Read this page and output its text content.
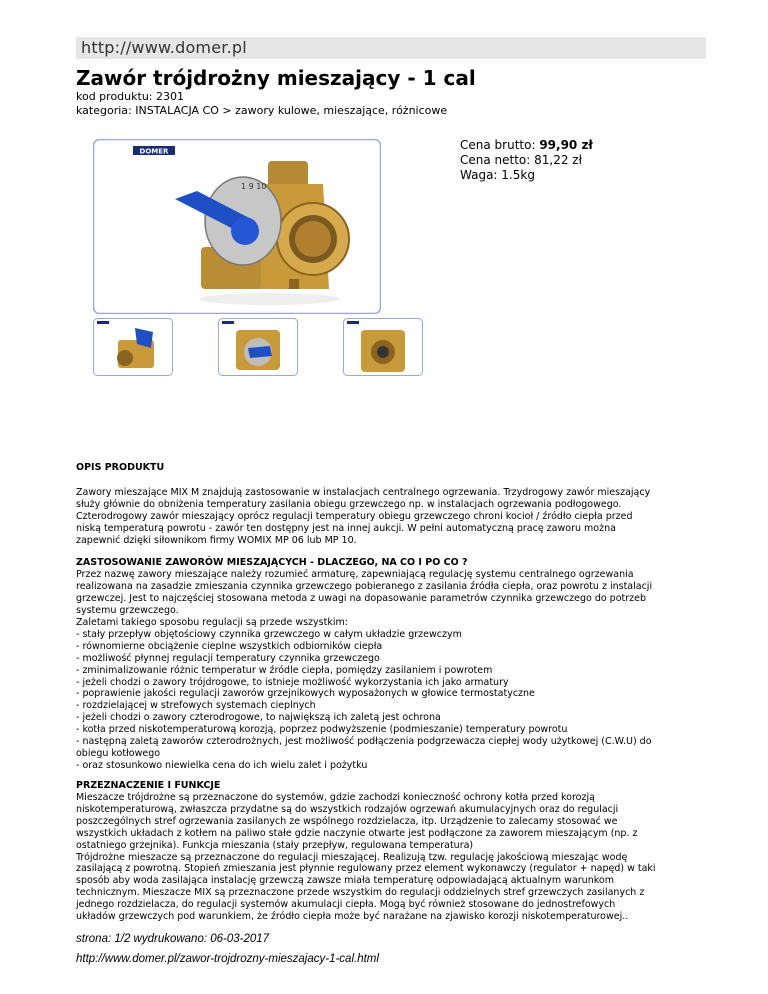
http://www.domer.pl
Zawór trójdrożny mieszający - 1 cal
kod produktu: 2301
kategoria: INSTALACJA CO > zawory kulowe, mieszające, różnicowe
DOMER
1 9 10
Cena brutto: 99,90 zł
Cena netto: 81,22 zł
Waga: 1.5kg
OPIS PRODUKTU
Zawory mieszające MIX M znajdują zastosowanie w instalacjach centralnego ogrzewania. Trzydrogowy zawór mieszający
służy głównie do obniżenia temperatury zasilania obiegu grzewczego np. w instalacjach ogrzewania podłogowego.
Czterodrogowy zawór mieszający oprócz regulacji temperatury obiegu grzewczego chroni kocioł / źródło ciepła przed
niską temperaturą powrotu - zawór ten dostępny jest na innej aukcji. W pełni automatyczną pracę zaworu można
zapewnić dzięki siłownikom firmy WOMIX MP 06 lub MP 10.
ZASTOSOWANIE ZAWORÓW MIESZAJĄCYCH - DLACZEGO, NA CO I PO CO ?
Przez nazwę zawory mieszające należy rozumieć armaturę, zapewniającą regulację systemu centralnego ogrzewania
realizowana na zasadzie zmieszania czynnika grzewczego pobieranego z zasilania źródła ciepła, oraz powrotu z instalacji
grzewczej. Jest to najczęściej stosowana metoda z uwagi na dopasowanie parametrów czynnika grzewczego do potrzeb
systemu grzewczego.
Zaletami takiego sposobu regulacji są przede wszystkim:
- stały przepływ objętościowy czynnika grzewczego w całym układzie grzewczym
- równomierne obciążenie cieplne wszystkich odbiorników ciepła
- możliwość płynnej regulacji temperatury czynnika grzewczego
- zminimalizowanie różnic temperatur w źródle ciepła, pomiędzy zasilaniem i powrotem
- jeżeli chodzi o zawory trójdrogowe, to istnieje możliwość wykorzystania ich jako armatury
- poprawienie jakości regulacji zaworów grzejnikowych wyposażonych w głowice termostatyczne
- rozdzielającej w strefowych systemach cieplnych
- jeżeli chodzi o zawory czterodrogowe, to największą ich zaletą jest ochrona
- kotła przed niskotemperaturową korozją, poprzez podwyższenie (podmieszanie) temperatury powrotu
- następną zaletą zaworów czterodrożnych, jest możliwość podłączenia podgrzewacza ciepłej wody użytkowej (C.W.U) do
obiegu kotłowego
- oraz stosunkowo niewielka cena do ich wielu zalet i pożytku
PRZEZNACZENIE I FUNKCJE
Mieszacze trójdrożne są przeznaczone do systemów, gdzie zachodzi konieczność ochrony kotła przed korozją
niskotemperaturową, zwłaszcza przydatne są do wszystkich rodzajów ogrzewań akumulacyjnych oraz do regulacji
poszczególnych stref ogrzewania zasilanych ze wspólnego rozdzielacza, itp. Urządzenie to zalecamy stosować we
wszystkich układach z kotłem na paliwo stałe gdzie naczynie otwarte jest podłączone za zaworem mieszającym (np. z
ostatniego grzejnika). Funkcja mieszania (stały przepływ, regulowana temperatura)
Trójdrożne mieszacze są przeznaczone do regulacji mieszającej. Realizują tzw. regulację jakościową mieszając wodę
zasilającą z powrotną. Stopień zmieszania jest płynnie regulowany przez element wykonawczy (regulator + napęd) w taki
sposób aby woda zasilająca instalację grzewczą zawsze miała temperaturę odpowiadającą aktualnym warunkom
technicznym. Mieszacze MIX są przeznaczone przede wszystkim do regulacji oddzielnych stref grzewczych zasilanych z
jednego rozdzielacza, do regulacji systemów akumulacji ciepła. Mogą być również stosowane do jednostrefowych
układów grzewczych pod warunkiem, że źródło ciepła może być narażane na zjawisko korozji niskotemperaturowej..
strona: 1/2 wydrukowano: 06-03-2017
http://www.domer.pl/zawor-trojdrozny-mieszajacy-1-cal.html
